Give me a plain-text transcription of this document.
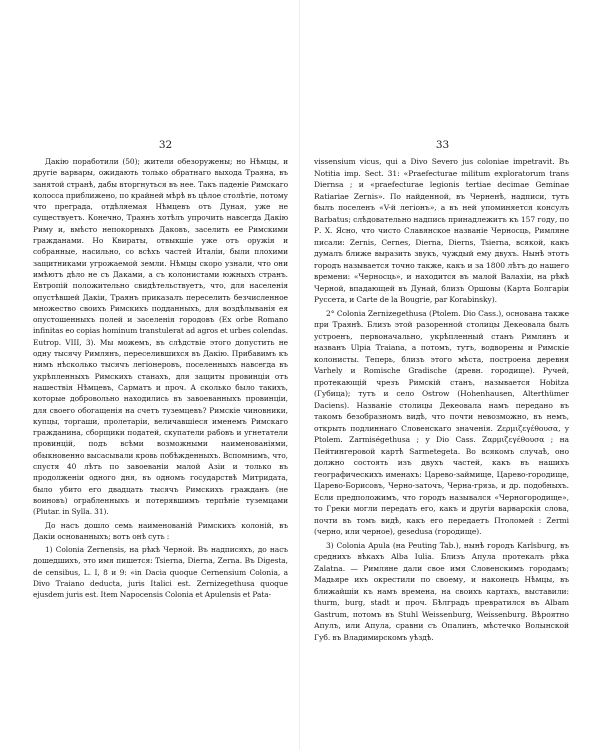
32

Дакію поработили (50); жители обезоружены; но Нѣмцы, и другіе варвары, ожидають только обратнаго выхода Траяна, въ занятой странѣ, дабы вторгнуться въ нее. Такъ паденіе Римскаго колосса приближено, по крайней мѣрѣ въ цѣлое столѣтіе, потому что преграда, отдѣляемая Нѣмцевъ отъ Дуная, уже не существуетъ. Конечно, Траянъ хотѣлъ упрочить навсегда Дакію Риму и, вмѣсто непокорныхъ Даковъ, заселить ее Римскими гражданами. Но Квираты, отвыкшіе уже отъ оружія и собранные, насильно, со всѣхъ частей Италіи, были плохими защитниками угрожаемой земли. Нѣмцы скоро узнали, что они имѣютъ дѣло не съ Даками, а съ колонистами южныхъ странъ. Евтропій положительно свидѣтельствуетъ, что, для населенія опустѣвшей Дакіи, Траянъ приказалъ переселить безчисленное множество своихъ Римскихъ подданныхъ, для воздѣлыванія ея опустошенныхъ полей и заселенія городовъ (Ex orbe Romano infinitas eo copias hominum transtulerat ad agros et urbes colendas. Eutrop. VIII, 3). Мы можемъ, въ слѣдствіе этого допустить не одну тысячу Римлянъ, переселившихся въ Дакію. Прибавимъ къ нимъ нѣсколько тысячъ легіонеровъ, поселенныхъ навсегда въ укрѣпленныхъ Римскихъ станахъ, для защиты провинціи отъ нашествія Нѣмцевъ, Сарматъ и проч. А сколько было такихъ, которые добровольно находились въ завоеванныхъ провинціи, для своего обогащенія на счетъ туземцевъ? Римскіе чиновники, купцы, торгаши, пролетаріи, величавшіеся именемъ Римскаго гражданина, сборщики податей, скупатели рабовъ и угнетатели провинцій, подъ всѣми возможными наименованіями, обыкновенно высасывали кровь побѣжденныхъ. Вспомнимъ, что, спустя 40 лѣтъ по завоеваніи малой Азіи и только въ продолженіи одного дня, въ одномъ государствѣ Митридата, было убито его двадцать тысячъ Римскихъ гражданъ (не воиновъ) ограбленныхъ и потерявшимъ терпѣніе туземцами (Plutar. in Sylla. 31).

До насъ дошло семь наименованій Римскихъ колоній, въ Дакіи основанныхъ; вотъ онѣ суть :

1) Colonia Zernensis, на рѣкѣ Черной. Въ надписяхъ, до насъ дошедшихъ, это имя пишется: Tsierna, Dierna, Zerna. Въ Digesta, de censibus, L. I, 8 и 9: «in Dacia quoque Cernensium Colonia, a Divo Traiano deducta, juris Italici est. Zernizegethusa quoque ejusdem juris est. Item Napocensis Colonia et Apulensis et Pata-

33

vissensium vicus, qui a Divo Severo jus coloniae impetravit. Въ Notitia imp. Sect. 31: «Praefecturae militum exploratorum trans Diernsa ; и «praefecturae legionis tertiae decimae Geminae Ratiariae Zernis». По найденной, въ Черненѣ, надписи, тутъ былъ поселенъ «V-й легіонъ», а въ ней упоминяется консулъ Barbatus; слѣдовательно надпись принадлежитъ къ 157 году, по Р. Х. Ясно, что чисто Славянское названіе Черносць, Римляне писали: Zernis, Cernes, Dierna, Dierns, Tsierna, всякой, какъ думалъ ближе выразить звукъ, чуждый ему двухъ. Нынѣ этотъ городъ называется точно также, какъ и за 1800 лѣтъ до нашего времени: «Черносць», и находится въ малой Валахіи, на рѣкѣ Черной, впадающей въ Дунай, близъ Оршовы (Карта Болгаріи Руссета, и Carte de la Bougrie, par Korabinsky).

2° Colonia Zernizegethusa (Ptolem. Dio Cass.), основана также при Траянѣ. Близъ этой разоренной столицы Декеовала былъ устроенъ, первоначально, укрѣпленный станъ Римлянъ и названъ Ulpia Traiana, а потомъ, тутъ, водворены и Римскіе колонисты. Теперь, близъ этого мѣста, построена деревня Varhely и Romische Gradische (древн. городище). Ручей, протекающій чрезъ Римскій станъ, называется Hobitza (Губица); тутъ и село Ostrow (Hohenhausen, Alterthümer Daciens). Названіе столицы Декеовала намъ передано въ такомъ безобразномъ видѣ, что почти невозможно, въ немъ, открыть подлиннаго Словенскаго значенія. Ζερμιζεγέθουσα, у Ptolem. Zarmiségethusa ; у Dio Cass. Ζαρμιζεγέθουσα ; на Пейтингеровой картѣ Sarmetegeta. Во всякомъ случаѣ, оно должно состоять изъ двухъ частей, какъ въ нашихъ географическихъ именахъ: Царево-займище, Царево-городище, Царево-Борисовъ, Черно-заточъ, Черна-грязь, и др. подобныхъ. Если предположимъ, что городъ назывался «Черногородище», то Греки могли передать его, какъ и другія варварскія слова, почти въ томъ видѣ, какъ его передаетъ Птоломей : Zermi (черно, или черное), gesedusa (городище).

3) Colonia Apula (на Peuting Tab.), нынѣ городъ Karlsburg, въ среднихъ вѣкахъ Alba Iulia. Близъ Апула протекалъ рѣка Zalatna. — Римляне дали свое имя Словенскимъ городамъ; Мадьяре ихъ окрестили по своему, и наконецъ Нѣмцы, въ ближайшіи къ намъ времена, на своихъ картахъ, выставили: thurm, burg, stadt и проч. Бѣлградъ превратился въ Albam Gastrum, потомъ въ Stuhl Weissenburg, Weissenburg. Вѣроятно Апулъ, или Апула, сравни съ Опалинъ, мѣстечко Волынской Губ. въ Владимирскомъ уѣздѣ.
